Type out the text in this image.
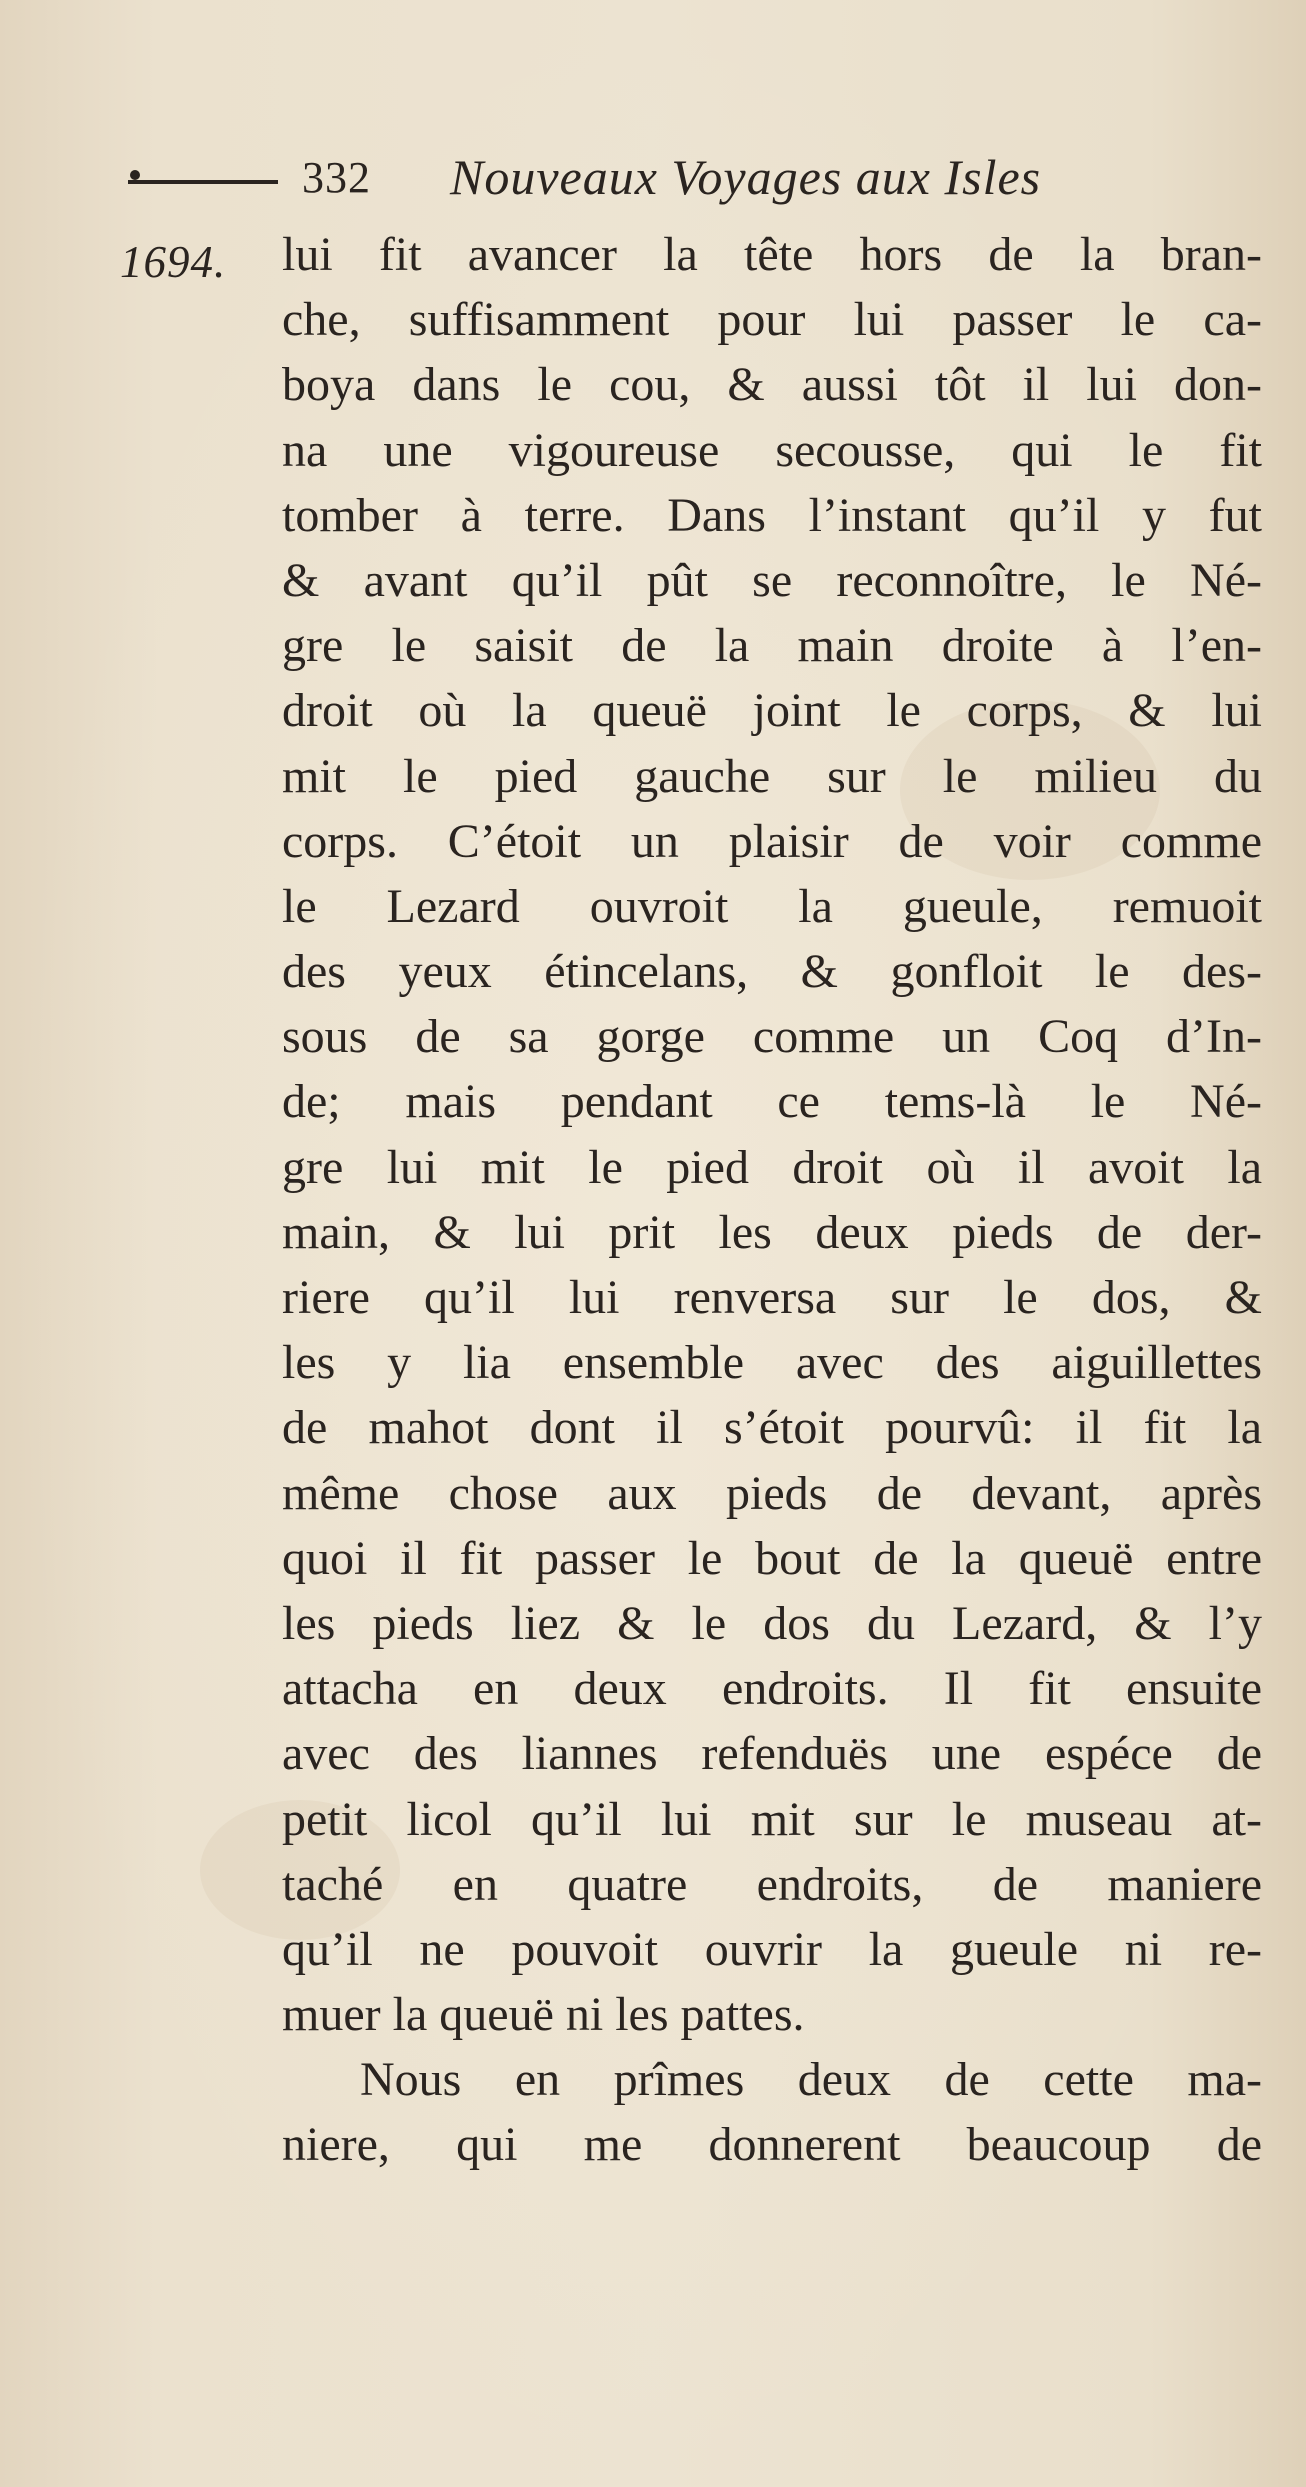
332 Nouveaux Voyages aux Isles
1694. lui fit avancer la tête hors de la bran-
che, suffisamment pour lui passer le ca-
boya dans le cou, & aussi tôt il lui don-
na une vigoureuse secousse, qui le fit
tomber à terre. Dans l’instant qu’il y fut
& avant qu’il pût se reconnoître, le Né-
gre le saisit de la main droite à l’en-
droit où la queuë joint le corps, & lui
mit le pied gauche sur le milieu du
corps. C’étoit un plaisir de voir comme
le Lezard ouvroit la gueule, remuoit
des yeux étincelans, & gonfloit le des-
sous de sa gorge comme un Coq d’In-
de; mais pendant ce tems-là le Né-
gre lui mit le pied droit où il avoit la
main, & lui prit les deux pieds de der-
riere qu’il lui renversa sur le dos, &
les y lia ensemble avec des aiguillettes
de mahot dont il s’étoit pourvû: il fit la
même chose aux pieds de devant, après
quoi il fit passer le bout de la queuë entre
les pieds liez & le dos du Lezard, & l’y
attacha en deux endroits. Il fit ensuite
avec des liannes refenduës une espéce de
petit licol qu’il lui mit sur le museau at-
taché en quatre endroits, de maniere
qu’il ne pouvoit ouvrir la gueule ni re-
muer la queuë ni les pattes.
Nous en prîmes deux de cette ma-
niere, qui me donnerent beaucoup de
